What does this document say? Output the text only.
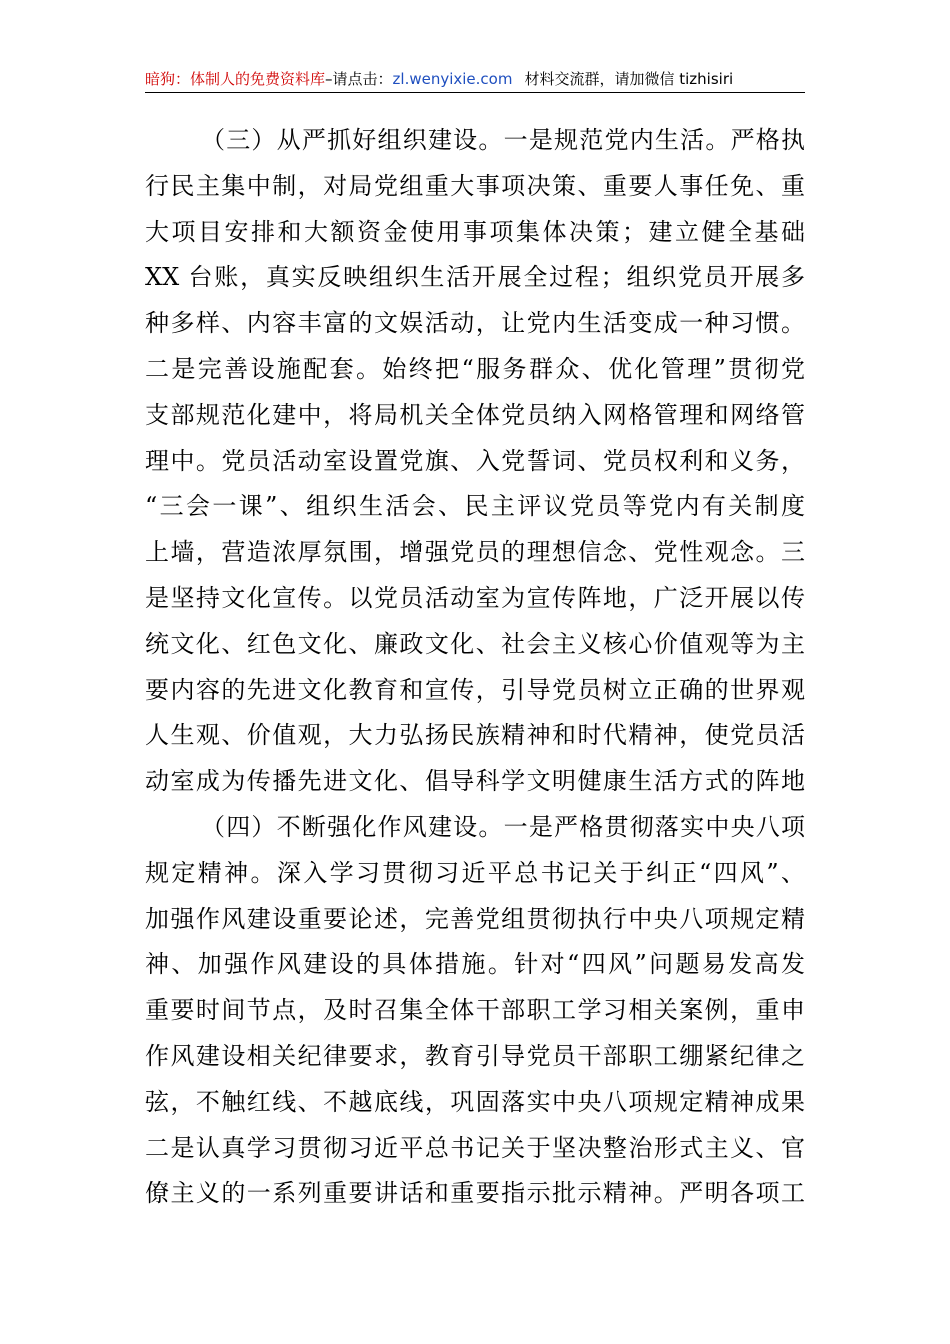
暗狗：体制人的免费资料库–请点击：zl.wenyixie.com 材料交流群，请加微信 tizhisiri
（三）从严抓好组织建设。一是规范党内生活。严格执
行民主集中制，对局党组重大事项决策、重要人事任免、重
大项目安排和大额资金使用事项集体决策；建立健全基础
XX 台账，真实反映组织生活开展全过程；组织党员开展多
种多样、内容丰富的文娱活动，让党内生活变成一种习惯。
二是完善设施配套。始终把“服务群众、优化管理”贯彻党
支部规范化建中，将局机关全体党员纳入网格管理和网络管
理中。党员活动室设置党旗、入党誓词、党员权利和义务，
“三会一课”、组织生活会、民主评议党员等党内有关制度
上墙，营造浓厚氛围，增强党员的理想信念、党性观念。三
是坚持文化宣传。以党员活动室为宣传阵地，广泛开展以传
统文化、红色文化、廉政文化、社会主义核心价值观等为主
要内容的先进文化教育和宣传，引导党员树立正确的世界观
人生观、价值观，大力弘扬民族精神和时代精神，使党员活
动室成为传播先进文化、倡导科学文明健康生活方式的阵地
（四）不断强化作风建设。一是严格贯彻落实中央八项
规定精神。深入学习贯彻习近平总书记关于纠正“四风”、
加强作风建设重要论述，完善党组贯彻执行中央八项规定精
神、加强作风建设的具体措施。针对“四风”问题易发高发
重要时间节点，及时召集全体干部职工学习相关案例，重申
作风建设相关纪律要求，教育引导党员干部职工绷紧纪律之
弦，不触红线、不越底线，巩固落实中央八项规定精神成果
二是认真学习贯彻习近平总书记关于坚决整治形式主义、官
僚主义的一系列重要讲话和重要指示批示精神。严明各项工
